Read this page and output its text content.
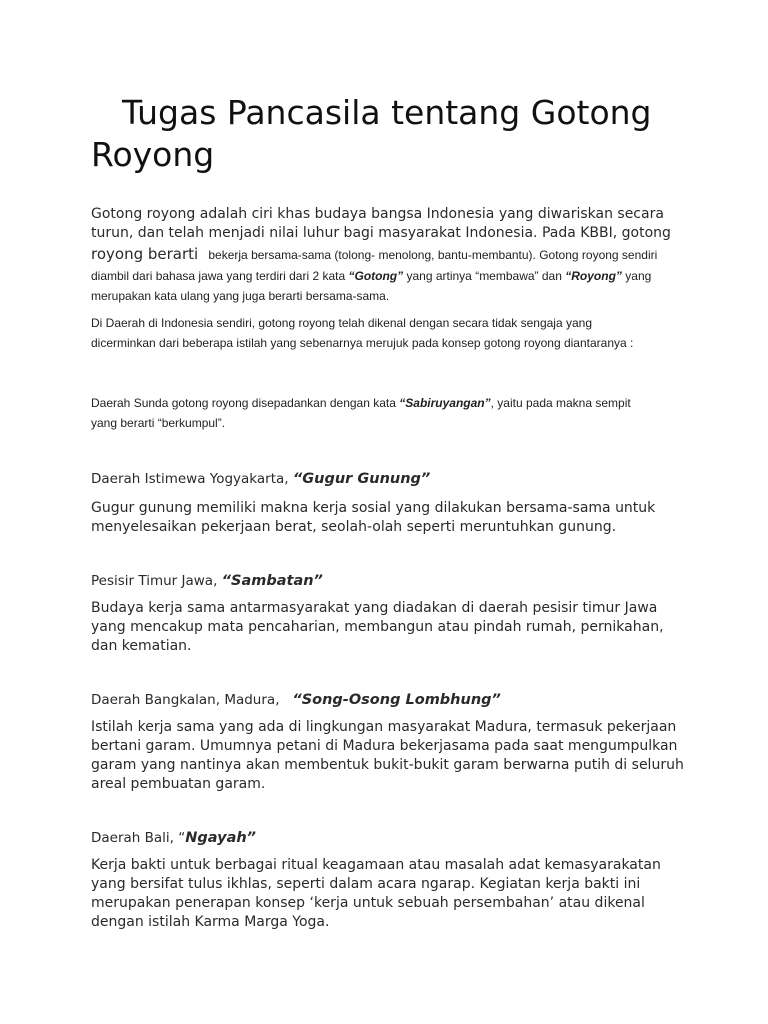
Tugas Pancasila tentang Gotong
Royong
Gotong royong adalah ciri khas budaya bangsa Indonesia yang diwariskan secara
turun, dan telah menjadi nilai luhur bagi masyarakat Indonesia. Pada KBBI, gotong
royong berarti bekerja bersama-sama (tolong- menolong, bantu-membantu). Gotong royong sendiri
diambil dari bahasa jawa yang terdiri dari 2 kata “Gotong” yang artinya “membawa” dan “Royong” yang
merupakan kata ulang yang juga berarti bersama-sama.
Di Daerah di Indonesia sendiri, gotong royong telah dikenal dengan secara tidak sengaja yang
dicerminkan dari beberapa istilah yang sebenarnya merujuk pada konsep gotong royong diantaranya :
Daerah Sunda gotong royong disepadankan dengan kata “Sabiruyangan”, yaitu pada makna sempit
yang berarti “berkumpul”.
Daerah Istimewa Yogyakarta, “Gugur Gunung”
Gugur gunung memiliki makna kerja sosial yang dilakukan bersama-sama untuk
menyelesaikan pekerjaan berat, seolah-olah seperti meruntuhkan gunung.
Pesisir Timur Jawa, “Sambatan”
Budaya kerja sama antarmasyarakat yang diadakan di daerah pesisir timur Jawa
yang mencakup mata pencaharian, membangun atau pindah rumah, pernikahan,
dan kematian.
Daerah Bangkalan, Madura, “Song-Osong Lombhung”
Istilah kerja sama yang ada di lingkungan masyarakat Madura, termasuk pekerjaan
bertani garam. Umumnya petani di Madura bekerjasama pada saat mengumpulkan
garam yang nantinya akan membentuk bukit-bukit garam berwarna putih di seluruh
areal pembuatan garam.
Daerah Bali, “Ngayah”
Kerja bakti untuk berbagai ritual keagamaan atau masalah adat kemasyarakatan
yang bersifat tulus ikhlas, seperti dalam acara ngarap. Kegiatan kerja bakti ini
merupakan penerapan konsep ‘kerja untuk sebuah persembahan’ atau dikenal
dengan istilah Karma Marga Yoga.
